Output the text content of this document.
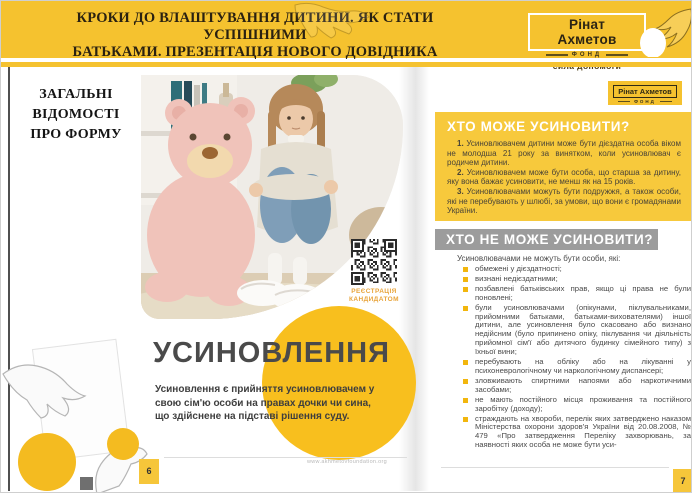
КРОКИ ДО ВЛАШТУВАННЯ ДИТИНИ. ЯК СТАТИ УСПІШНИМИ
БАТЬКАМИ. ПРЕЗЕНТАЦІЯ НОВОГО ДОВІДНИКА
Рінат Ахметов
ФОНД
ЗАГАЛЬНІ ВІДОМОСТІ ПРО ФОРМУ
РЕЄСТРАЦІЯ КАНДИДАТОМ
УСИНОВЛЕННЯ
Усиновлення є прийняття усиновлювачем у свою сім'ю особи на правах дочки чи сина, що здійснене на підставі рішення суду.
www.akhmetovfoundation.org
6
Рінат Ахметов
ФОНД
ХТО МОЖЕ УСИНОВИТИ?

1. Усиновлювачем дитини може бути дієздатна особа віком не молодша 21 року за винятком, коли усиновлювач є родичем дитини.

2. Усиновлювачем може бути особа, що старша за дитину, яку вона бажає усиновити, не менш як на 15 років.

3. Усиновлювачами можуть бути подружжя, а також особи, які не перебувають у шлюбі, за умови, що вони є громадянами України.

ХТО НЕ МОЖЕ УСИНОВИТИ?
Усиновлювачами не можуть бути особи, які:
обмежені у дієздатності;
визнані недієздатними;
позбавлені батьківських прав, якщо ці права не були поновлені;
були усиновлювачами (опікунами, піклувальниками, прийомними батьками, батьками-вихователями) іншої дитини, але усиновлення було скасовано або визнано недійсним (було припинено опіку, піклування чи діяльність прийомної сім'ї або дитячого будинку сімейного типу) з їхньої вини;
перебувають на обліку або на лікуванні у психоневрологічному чи наркологічному диспансері;
зловживають спиртними напоями або наркотичними засобами;
не мають постійного місця проживання та постійного заробітку (доходу);
страждають на хвороби, перелік яких затверджено наказом Міністерства охорони здоров'я України від 20.08.2008, № 479 «Про затвердження Переліку захворювань, за наявності яких особа не може бути уси-
7
